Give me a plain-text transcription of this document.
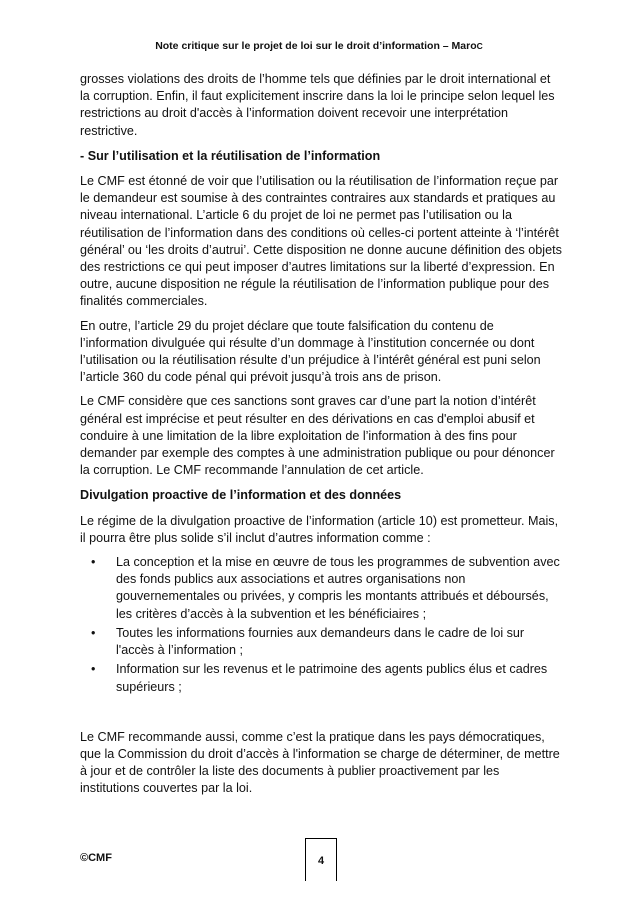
Note critique sur le projet de loi sur le droit d’information – MaroC

grosses violations des droits de l’homme tels que définies par le droit international et la corruption. Enfin, il faut explicitement inscrire dans la loi le principe selon lequel les restrictions au droit d'accès à l’information doivent recevoir une interprétation restrictive.

- Sur l’utilisation et la réutilisation de l’information

Le CMF est étonné de voir que l’utilisation ou la réutilisation de l’information reçue par le demandeur est soumise à des contraintes contraires aux standards et pratiques au niveau international. L’article 6 du projet de loi ne permet pas l’utilisation ou la réutilisation de l’information dans des conditions où celles-ci portent atteinte à ‘l’intérêt général’ ou ‘les droits d’autrui’. Cette disposition ne donne aucune définition des objets des restrictions ce qui peut imposer d’autres limitations sur la liberté d’expression. En outre, aucune disposition ne régule la réutilisation de l’information publique pour des finalités commerciales.

En outre, l’article 29 du projet déclare que toute falsification du contenu de l’information divulguée qui résulte d’un dommage à l’institution concernée ou dont l’utilisation ou la réutilisation résulte d’un préjudice à l’intérêt général est puni selon l’article 360 du code pénal qui prévoit jusqu’à trois ans de prison.

Le CMF considère que ces sanctions sont graves car d’une part la notion d’intérêt général est imprécise et peut résulter en des dérivations en cas d'emploi abusif et conduire à une limitation de la libre exploitation de l’information à des fins pour demander par exemple des comptes à une administration publique ou pour dénoncer la corruption. Le CMF recommande l’annulation de cet article.

Divulgation proactive de l’information et des données

Le régime de la divulgation proactive de l’information (article 10) est prometteur. Mais, il pourra être plus solide s’il inclut d’autres information comme :

• La conception et la mise en œuvre de tous les programmes de subvention avec des fonds publics aux associations et autres organisations non gouvernementales ou privées, y compris les montants attribués et déboursés, les critères d’accès à la subvention et les bénéficiaires ;
• Toutes les informations fournies aux demandeurs dans le cadre de loi sur l'accès à l’information ;
• Information sur les revenus et le patrimoine des agents publics élus et cadres supérieurs ;

Le CMF recommande aussi, comme c’est la pratique dans les pays démocratiques, que la Commission du droit d’accès à l'information se charge de déterminer, de mettre à jour et de contrôler la liste des documents à publier proactivement par les institutions couvertes par la loi.

©CMF	4
